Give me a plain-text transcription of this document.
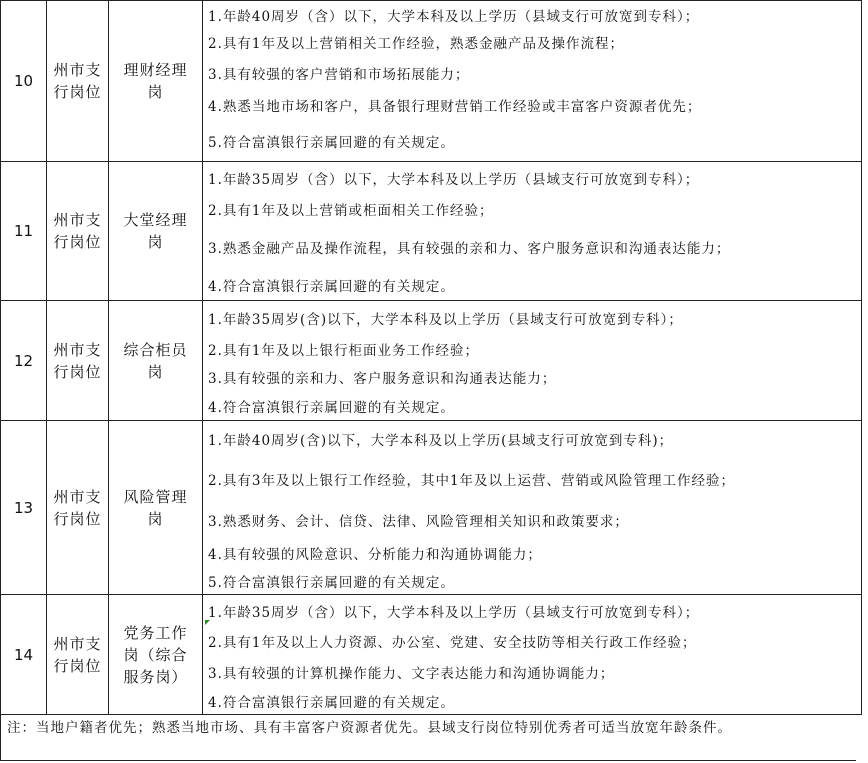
10	州市支行岗位	理财经理岗	1.年龄40周岁（含）以下，大学本科及以上学历（县域支行可放宽到专科）；
2.具有1年及以上营销相关工作经验，熟悉金融产品及操作流程；
3.具有较强的客户营销和市场拓展能力；
4.熟悉当地市场和客户，具备银行理财营销工作经验或丰富客户资源者优先；
5.符合富滇银行亲属回避的有关规定。

11	州市支行岗位	大堂经理岗	1.年龄35周岁（含）以下，大学本科及以上学历（县域支行可放宽到专科）；
2.具有1年及以上营销或柜面相关工作经验；
3.熟悉金融产品及操作流程，具有较强的亲和力、客户服务意识和沟通表达能力；
4.符合富滇银行亲属回避的有关规定。

12	州市支行岗位	综合柜员岗	1.年龄35周岁(含)以下，大学本科及以上学历（县域支行可放宽到专科）；
2.具有1年及以上银行柜面业务工作经验；
3.具有较强的亲和力、客户服务意识和沟通表达能力；
4.符合富滇银行亲属回避的有关规定。

13	州市支行岗位	风险管理岗	1.年龄40周岁(含)以下，大学本科及以上学历(县域支行可放宽到专科)；
2.具有3年及以上银行工作经验，其中1年及以上运营、营销或风险管理工作经验；
3.熟悉财务、会计、信贷、法律、风险管理相关知识和政策要求；
4.具有较强的风险意识、分析能力和沟通协调能力；
5.符合富滇银行亲属回避的有关规定。

14	州市支行岗位	党务工作岗（综合服务岗）	1.年龄35周岁（含）以下，大学本科及以上学历（县域支行可放宽到专科）；
2.具有1年及以上人力资源、办公室、党建、安全技防等相关行政工作经验；
3.具有较强的计算机操作能力、文字表达能力和沟通协调能力；
4.符合富滇银行亲属回避的有关规定。
注：当地户籍者优先；熟悉当地市场、具有丰富客户资源者优先。县域支行岗位特别优秀者可适当放宽年龄条件。
